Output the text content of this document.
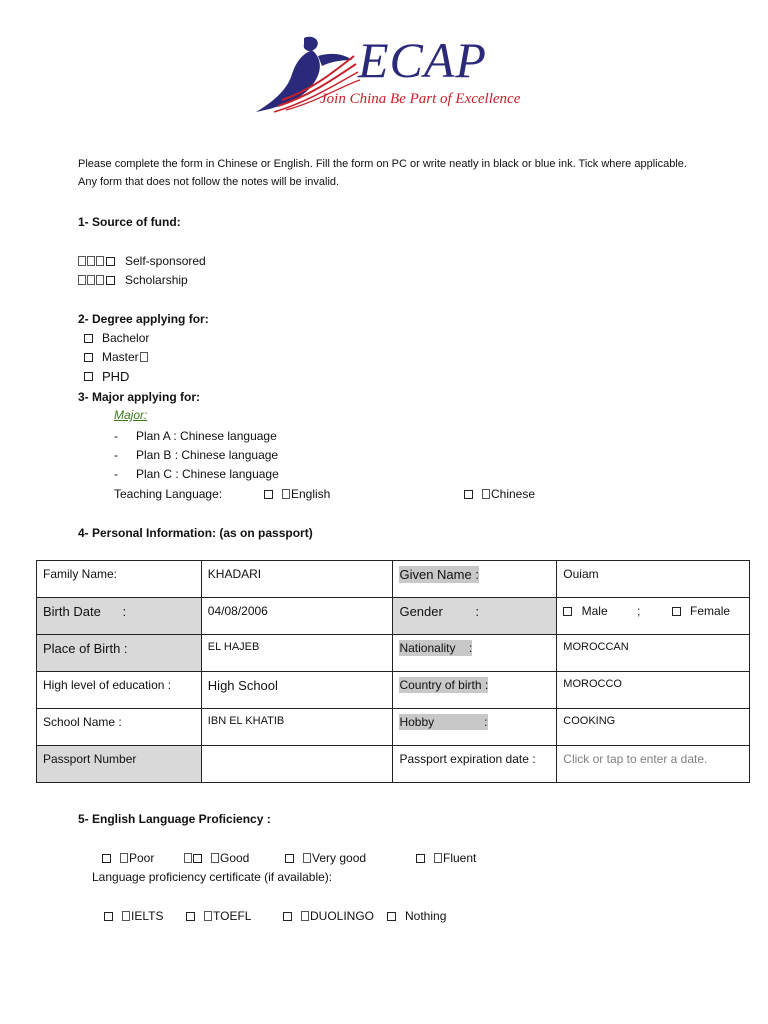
ECAP
Join China Be Part of Excellence
Please complete the form in Chinese or English. Fill the form on PC or write neatly in black or blue ink. Tick where applicable.
Any form that does not follow the notes will be invalid.
1- Source of fund:
Self-sponsored
Scholarship
2- Degree applying for:
Bachelor
Master
PHD
3- Major applying for:
Major:
- Plan A : Chinese language
- Plan B : Chinese language
- Plan C : Chinese language
Teaching Language:	English	Chinese
4- Personal Information: (as on passport)
Family Name:	KHADARI	Given Name :	Ouiam
Birth Date      :	04/08/2006	Gender         :	Male ; Female
Place of Birth :	EL HAJEB	Nationality    :	MOROCCAN
High level of education :	High School	Country of birth :	MOROCCO
School Name :	IBN EL KHATIB	Hobby               :	COOKING
Passport Number		Passport expiration date :	Click or tap to enter a date.
5- English Language Proficiency :
Poor	Good	Very good	Fluent
Language proficiency certificate (if available):
IELTS	TOEFL	DUOLINGO	Nothing
